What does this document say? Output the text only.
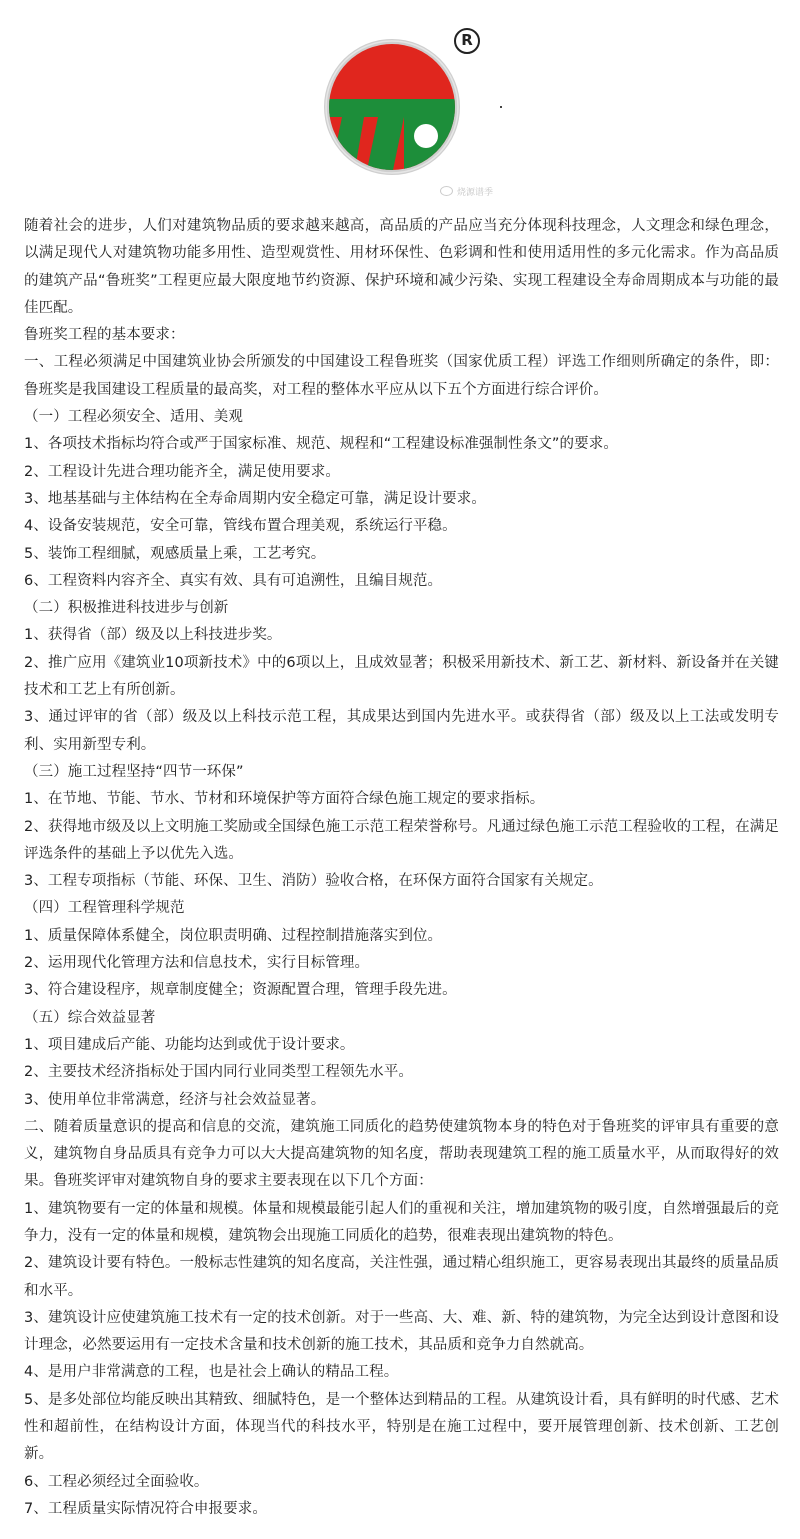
R
烧源谱季

随着社会的进步，人们对建筑物品质的要求越来越高，高品质的产品应当充分体现科技理念，人文理念和绿色理念，以满足现代人对建筑物功能多用性、造型观赏性、用材环保性、色彩调和性和使用适用性的多元化需求。作为高品质的建筑产品“鲁班奖”工程更应最大限度地节约资源、保护环境和减少污染、实现工程建设全寿命周期成本与功能的最佳匹配。

鲁班奖工程的基本要求：

一、工程必须满足中国建筑业协会所颁发的中国建设工程鲁班奖（国家优质工程）评选工作细则所确定的条件，即：鲁班奖是我国建设工程质量的最高奖，对工程的整体水平应从以下五个方面进行综合评价。

（一）工程必须安全、适用、美观

1、各项技术指标均符合或严于国家标准、规范、规程和“工程建设标准强制性条文”的要求。

2、工程设计先进合理功能齐全，满足使用要求。

3、地基基础与主体结构在全寿命周期内安全稳定可靠，满足设计要求。

4、设备安装规范，安全可靠，管线布置合理美观，系统运行平稳。

5、装饰工程细腻，观感质量上乘，工艺考究。

6、工程资料内容齐全、真实有效、具有可追溯性，且编目规范。

（二）积极推进科技进步与创新

1、获得省（部）级及以上科技进步奖。

2、推广应用《建筑业10项新技术》中的6项以上，且成效显著；积极采用新技术、新工艺、新材料、新设备并在关键技术和工艺上有所创新。

3、通过评审的省（部）级及以上科技示范工程，其成果达到国内先进水平。或获得省（部）级及以上工法或发明专利、实用新型专利。

（三）施工过程坚持“四节一环保”

1、在节地、节能、节水、节材和环境保护等方面符合绿色施工规定的要求指标。

2、获得地市级及以上文明施工奖励或全国绿色施工示范工程荣誉称号。凡通过绿色施工示范工程验收的工程，在满足评选条件的基础上予以优先入选。

3、工程专项指标（节能、环保、卫生、消防）验收合格，在环保方面符合国家有关规定。

（四）工程管理科学规范

1、质量保障体系健全，岗位职责明确、过程控制措施落实到位。

2、运用现代化管理方法和信息技术，实行目标管理。

3、符合建设程序，规章制度健全；资源配置合理，管理手段先进。

（五）综合效益显著

1、项目建成后产能、功能均达到或优于设计要求。

2、主要技术经济指标处于国内同行业同类型工程领先水平。

3、使用单位非常满意，经济与社会效益显著。

二、随着质量意识的提高和信息的交流，建筑施工同质化的趋势使建筑物本身的特色对于鲁班奖的评审具有重要的意义，建筑物自身品质具有竞争力可以大大提高建筑物的知名度，帮助表现建筑工程的施工质量水平，从而取得好的效果。鲁班奖评审对建筑物自身的要求主要表现在以下几个方面：

1、建筑物要有一定的体量和规模。体量和规模最能引起人们的重视和关注，增加建筑物的吸引度，自然增强最后的竞争力，没有一定的体量和规模，建筑物会出现施工同质化的趋势，很难表现出建筑物的特色。

2、建筑设计要有特色。一般标志性建筑的知名度高，关注性强，通过精心组织施工，更容易表现出其最终的质量品质和水平。

3、建筑设计应使建筑施工技术有一定的技术创新。对于一些高、大、难、新、特的建筑物，为完全达到设计意图和设计理念，必然要运用有一定技术含量和技术创新的施工技术，其品质和竞争力自然就高。

4、是用户非常满意的工程，也是社会上确认的精品工程。

5、是多处部位均能反映出其精致、细腻特色，是一个整体达到精品的工程。从建筑设计看，具有鲜明的时代感、艺术性和超前性，在结构设计方面，体现当代的科技水平，特别是在施工过程中，要开展管理创新、技术创新、工艺创新。

6、工程必须经过全面验收。

7、工程质量实际情况符合申报要求。
